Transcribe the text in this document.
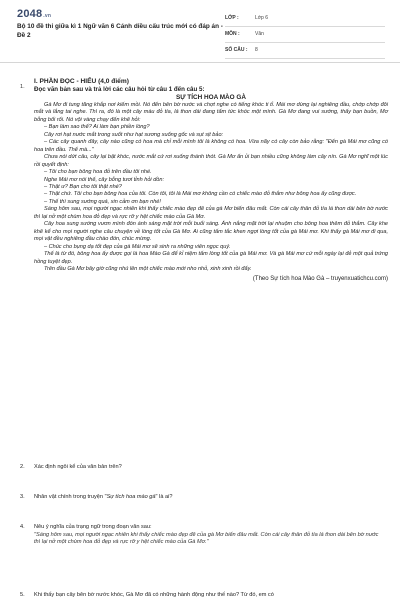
2048.vn
Bộ 10 đề thi giữa kì 1 Ngữ văn 6 Cánh diều cấu trúc mới có đáp án - Đề 2
LỚP :	Lớp 6
MÔN :	Văn
SỐ CÂU : 8
1.
I. PHẦN ĐỌC - HIỂU (4,0 điểm)
Đọc văn bản sau và trả lời các câu hỏi từ câu 1 đến câu 5:
SỰ TÍCH HOA MÀO GÀ

Gà Mơ đi tung tăng khắp nơi kiếm mồi. Nó đến bên bờ nước và chợt nghe có tiếng khóc ti tỉ. Mái mơ dừng lại nghiêng đầu, chớp chớp đôi mắt và lắng tai nghe. Thì ra, đó là một cây màu đỏ tía, lá thon dài đang tấm tức khóc một mình. Gà Mơ đang vui sướng, thấy bạn buồn, Mơ bỗng bối rối. Nó vội vàng chạy đến khẽ hỏi:

– Bạn làm sao thế? Ai làm bạn phiền lòng?

Cây rơi hạt nước mắt trong suốt như hạt sương xuống gốc và sụt sịt bảo:

– Các cây quanh đây, cây nào cũng có hoa mà chỉ mỗi mình tôi là không có hoa. Vừa nãy có cây còn bảo rằng: "Đến gà Mái mơ cũng có hoa trên đầu. Thế mà..."

Chưa nói dứt câu, cây lại bật khóc, nước mắt cứ rơi xuống thánh thót. Gà Mơ ấn ủi bạn nhiều cũng không làm cây nín. Gà Mơ nghĩ một lúc rồi quyết định:

– Tôi cho bạn bông hoa đỏ trên đầu tôi nhé.

Nghe Mái mơ nói thế, cây bỗng tươi tỉnh hỏi dồn:

– Thật ư? Bạn cho tôi thật nhé?

– Thật chứ. Tôi cho bạn bông hoa của tôi. Còn tôi, tôi là Mái mơ không cần có chiếc mào đỏ thắm như bông hoa ấy cũng được.

– Thế thì sung sướng quá, xin cảm ơn bạn nhé!

Sáng hôm sau, mọi người ngạc nhiên khi thấy chiếc mào đẹp đẽ của gà Mơ biến đâu mất. Còn cái cây thân đỏ tía lá thon dài bên bờ nước thì lại nở một chùm hoa đỏ đẹp và rực rỡ y hệt chiếc mào của Gà Mơ.

Cây hoa sung sướng vươn mình đón ánh sáng mặt trời mỗi buổi sáng. Ánh nắng mặt trời lại nhuộm cho bông hoa thêm đỏ thắm. Cây khe khẽ kể cho mọi người nghe câu chuyện về lòng tốt của Gà Mơ. Ai cũng tấm tắc khen ngợi lòng tốt của gà Mái mơ. Khi thấy gà Mái mơ đi qua, mọi vật đều nghiêng đầu chào đón, chúc mừng.

– Chúc cho bụng dạ tốt đẹp của gà Mái mơ sẽ sinh ra những viên ngọc quý.

Thế là từ đó, bông hoa ấy được gọi là hoa Mào Gà để kỉ niệm tấm lòng tốt của gà Mái mơ. Và gà Mái mơ cứ mỗi ngày lại đẻ một quả trứng hồng tuyệt đẹp.

Trên đầu Gà Mơ bây giờ cũng nhú lên một chiếc mào mới nho nhỏ, xinh xinh rồi đấy.

(Theo Sự tích hoa Mào Gà – truyenxuatichcu.com)
2. Xác định ngôi kể của văn bản trên?
3. Nhân vật chính trong truyện "Sự tích hoa mào gà" là ai?
4. Nêu ý nghĩa của trạng ngữ trong đoạn văn sau:
"Sáng hôm sau, mọi người ngạc nhiên khi thấy chiếc mào đẹp đẽ của gà Mơ biến đâu mất. Còn cái cây thân đỏ tía lá thon dài bên bờ nước thì lại nở một chùm hoa đỏ đẹp và rực rỡ y hệt chiếc mào của Gà Mơ."
5. Khi thấy bạn cây bên bờ nước khóc, Gà Mơ đã có những hành động như thế nào? Từ đó, em có
